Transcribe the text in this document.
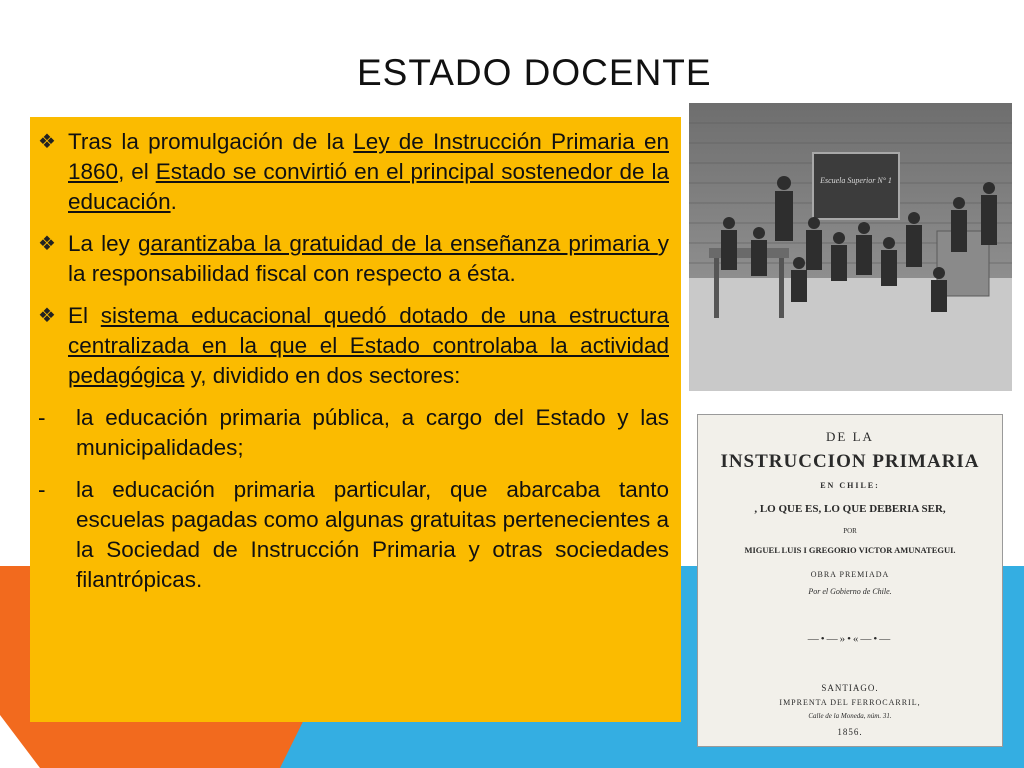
ESTADO DOCENTE
❖ Tras la promulgación de la Ley de Instrucción Primaria en 1860, el Estado se convirtió en el principal sostenedor de la educación.
❖ La ley garantizaba la gratuidad de la enseñanza primaria y la responsabilidad fiscal con respecto a ésta.
❖ El sistema educacional quedó dotado de una estructura centralizada en la que el Estado controlaba la actividad pedagógica y, dividido en dos sectores:
- la educación primaria pública, a cargo del Estado y las municipalidades;
- la educación primaria particular, que abarcaba tanto escuelas pagadas como algunas gratuitas pertenecientes a la Sociedad de Instrucción Primaria y otras sociedades filantrópicas.
Escuela Superior N° 1
DE LA
INSTRUCCION PRIMARIA
EN CHILE:
, LO QUE ES, LO QUE DEBERIA SER,
POR
MIGUEL LUIS I GREGORIO VICTOR AMUNATEGUI.
OBRA PREMIADA
Por el Gobierno de Chile.
—•—»•«—•—
SANTIAGO.
IMPRENTA DEL FERROCARRIL,
Calle de la Moneda, núm. 31.
1856.
